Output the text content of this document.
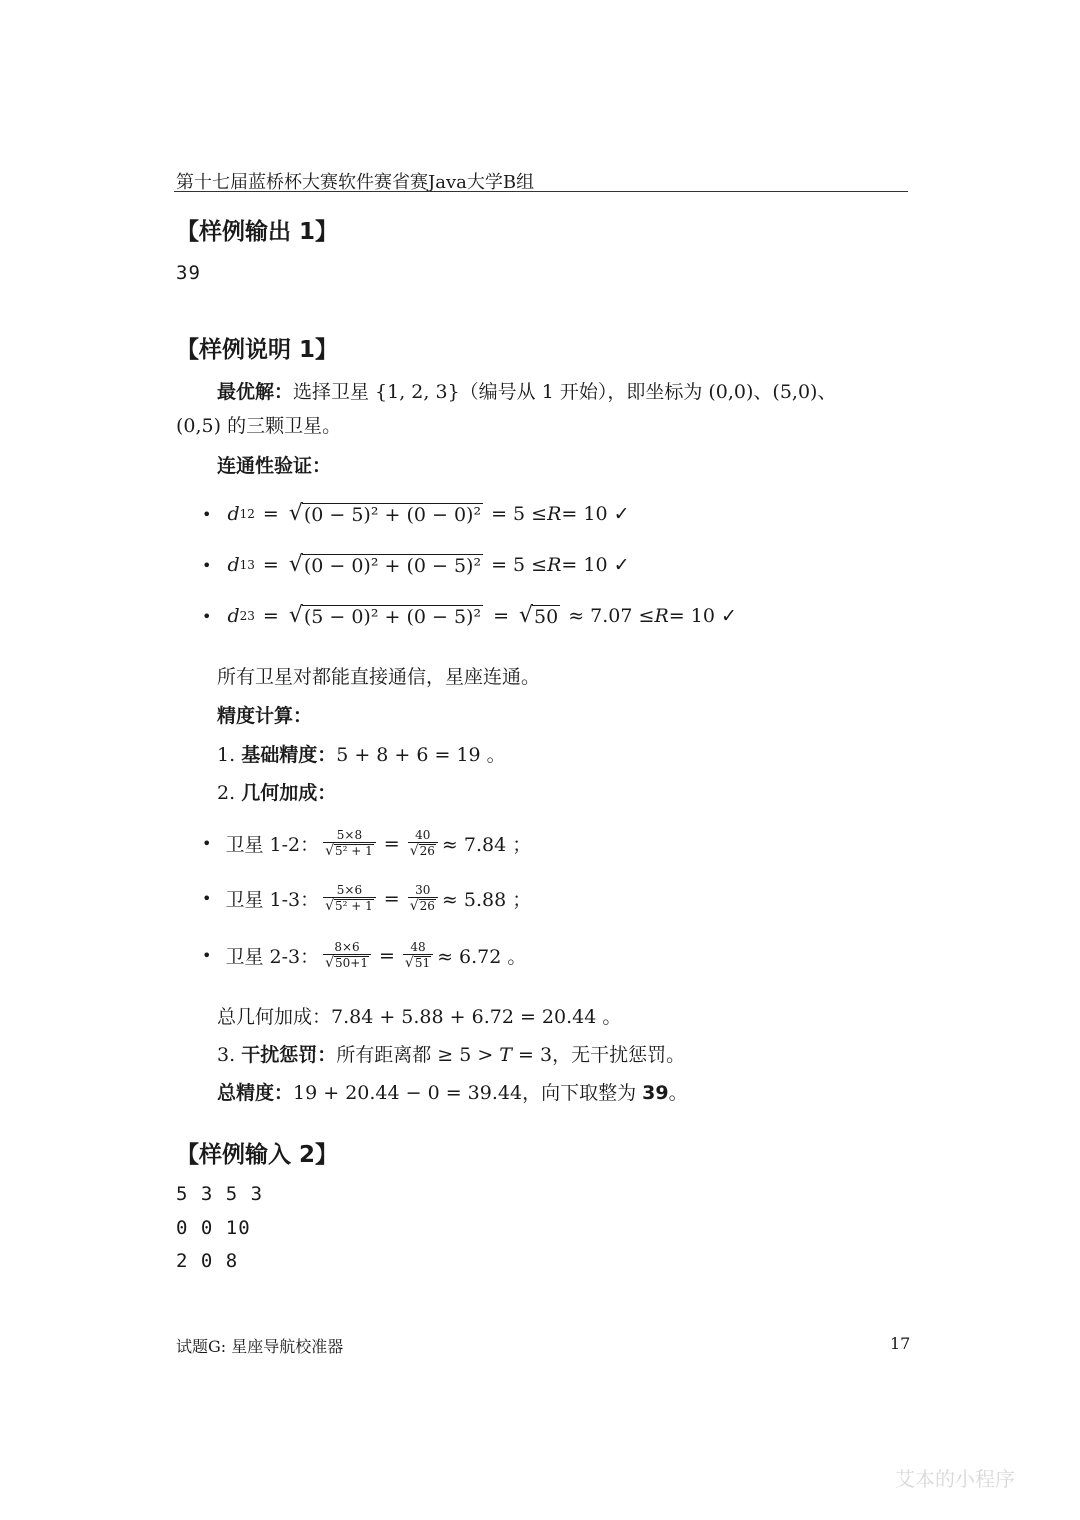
第十七届蓝桥杯大赛软件赛省赛Java大学B组
【样例输出 1】
39
【样例说明 1】
最优解：选择卫星 {1, 2, 3}（编号从 1 开始），即坐标为 (0,0)、(5,0)、
(0,5) 的三颗卫星。
连通性验证：
• d 12 = √ (0 − 5)² + (0 − 0)² = 5 ≤ R = 10 ✓
• d 13 = √ (0 − 0)² + (0 − 5)² = 5 ≤ R = 10 ✓
• d 23 = √ (5 − 0)² + (0 − 5)² = √ 50 ≈ 7.07 ≤ R = 10 ✓
所有卫星对都能直接通信，星座连通。
精度计算：
1. 基础精度：5 + 8 + 6 = 19 。
2. 几何加成：
• 卫星 1-2： $\frac{5\times 8}{\text{√ 5² + 1}} = \frac{40}{√ 26} \approx 7.84$ ；
• 卫星 1-3： $\frac{5\times 6}{\text{√ 5² + 1}} = \frac{30}{√ 26} \approx 5.88$ ；
• 卫星 2-3： $\frac{8\times 6}{√ 50+1} = \frac{48}{√ 51} \approx 6.72$ 。
总几何加成：7.84 + 5.88 + 6.72 = 20.44 。
3. 干扰惩罚：所有距离都 ≥ 5 > T = 3，无干扰惩罚。
总精度：19 + 20.44 − 0 = 39.44，向下取整为 39。
【样例输入 2】
5 3 5 3
0 0 10
2 0 8
试题G: 星座导航校准器	17
艾本的小程序
